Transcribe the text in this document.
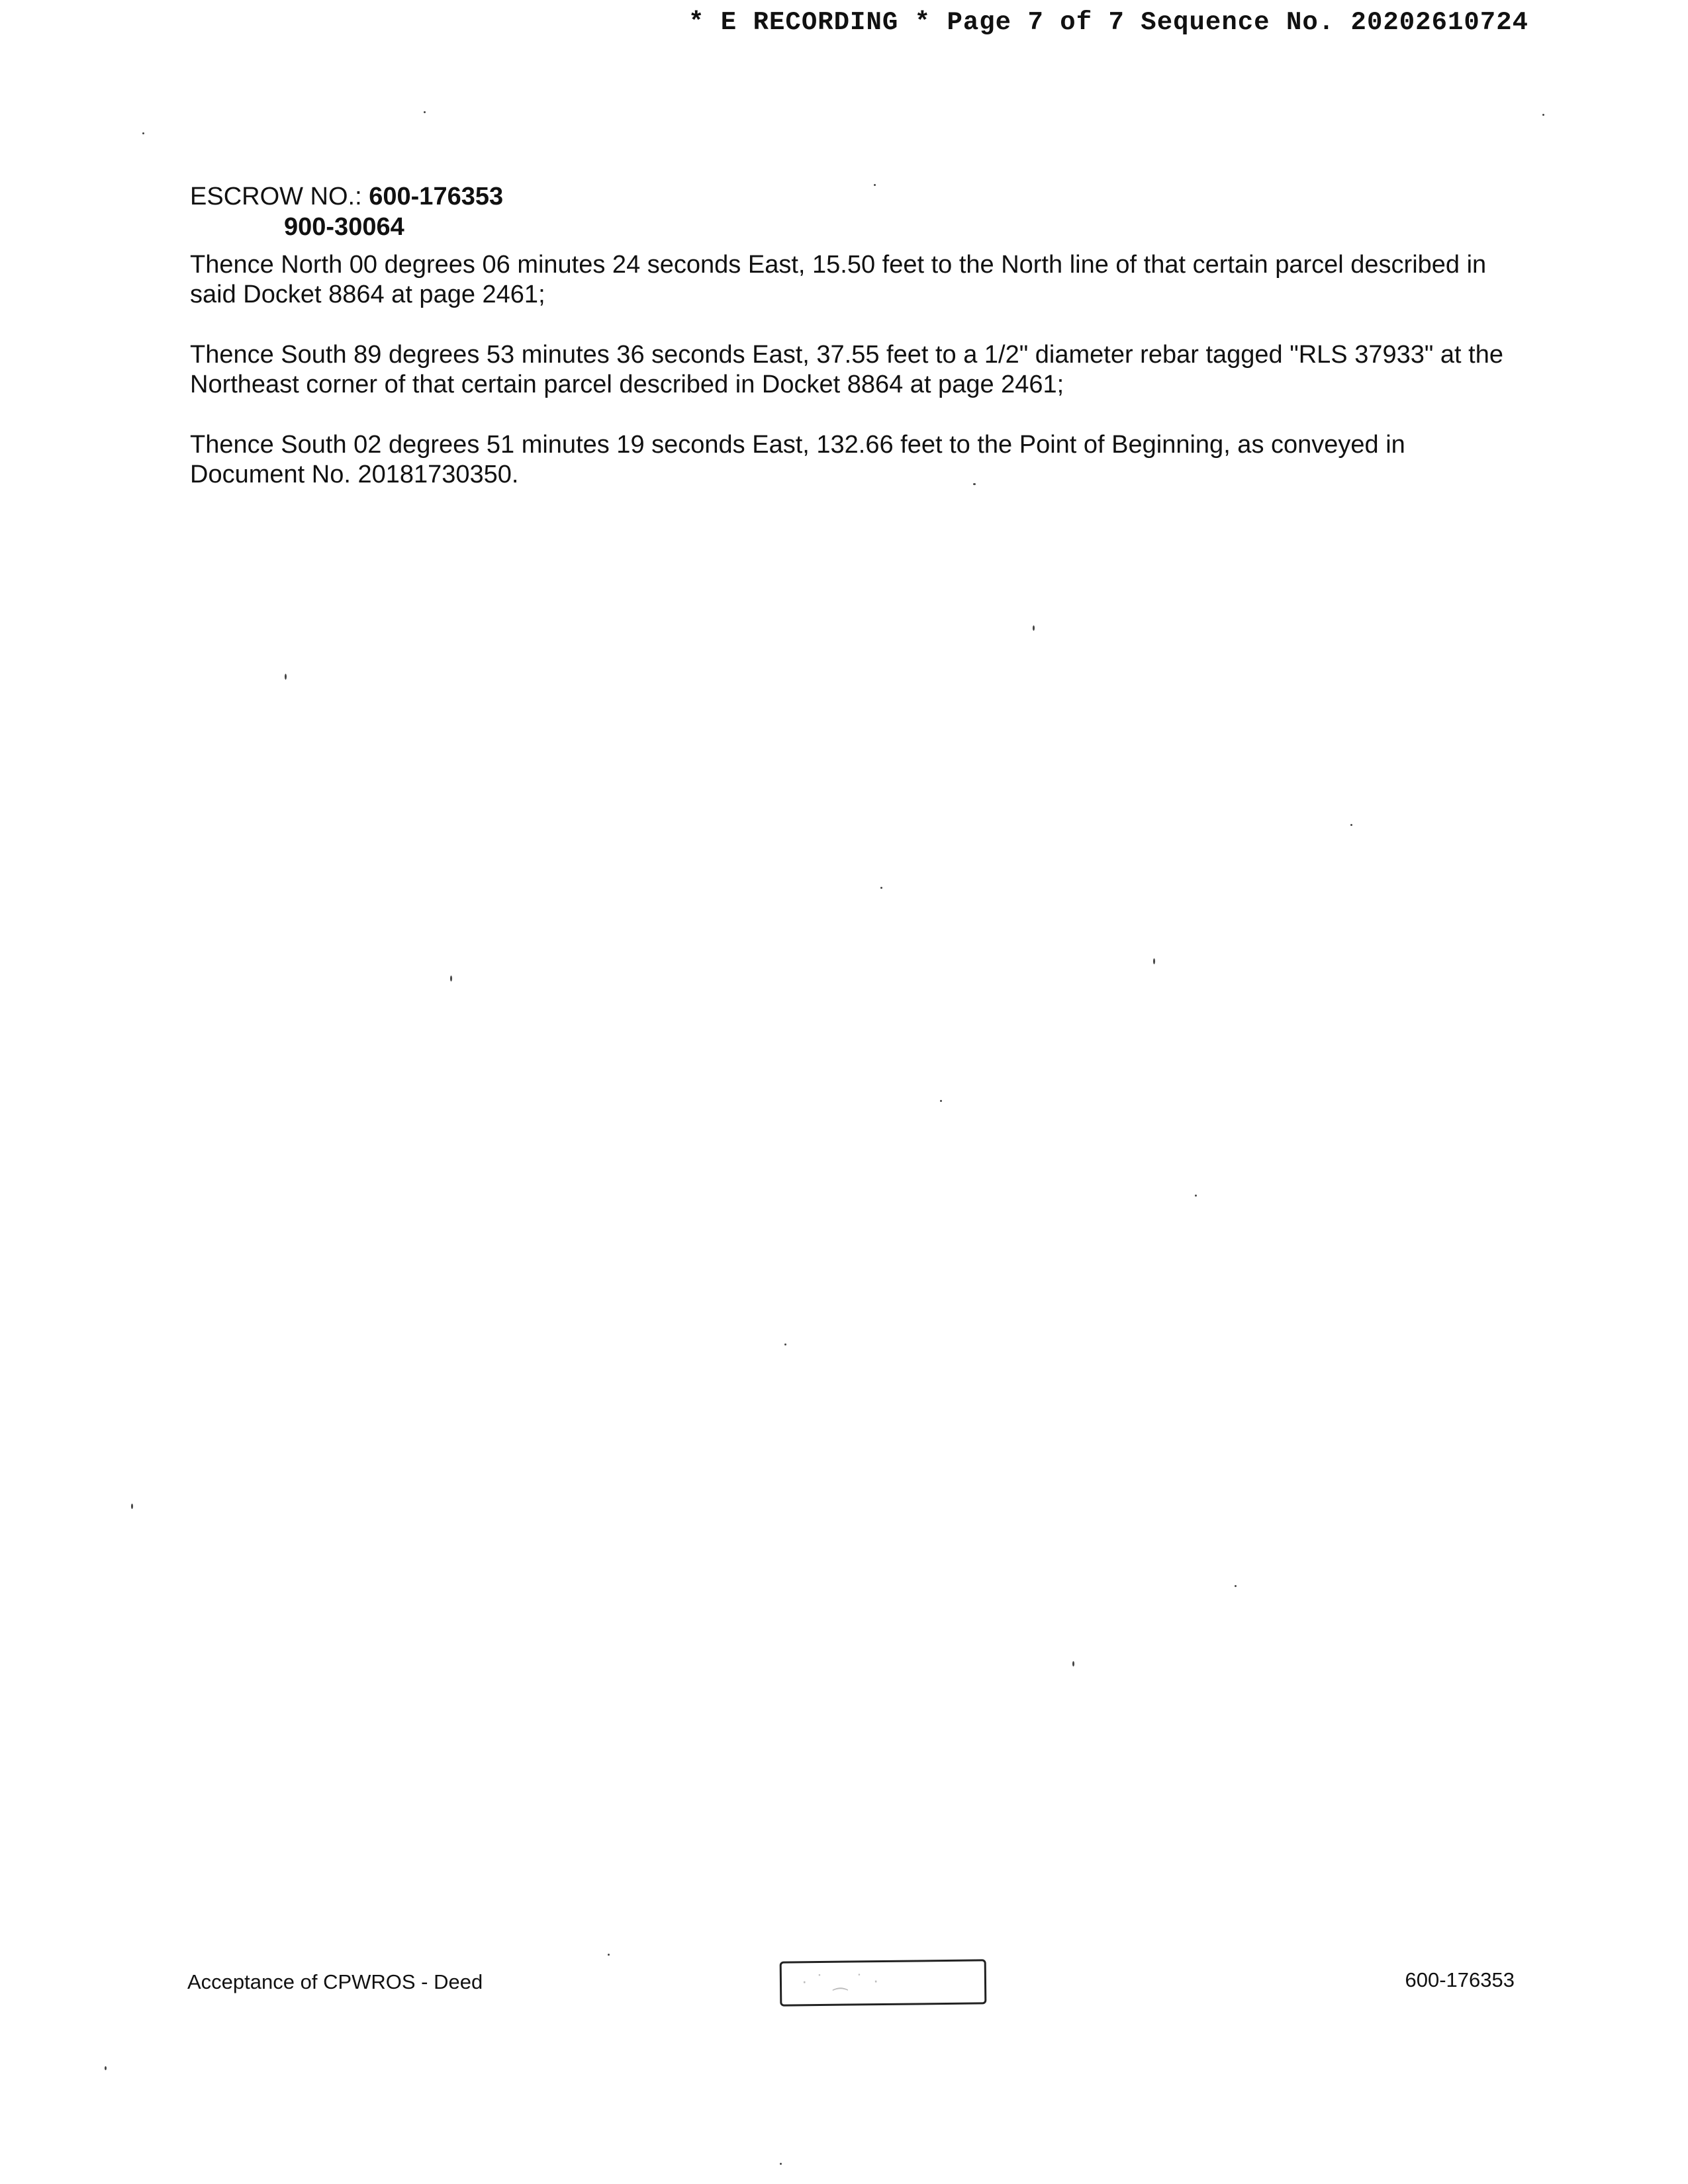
* E RECORDING * Page 7 of 7 Sequence No. 20202610724
ESCROW NO.: 600-176353
900-30064

Thence North 00 degrees 06 minutes 24 seconds East, 15.50 feet to the North line of that certain parcel described in said Docket 8864 at page 2461;

Thence South 89 degrees 53 minutes 36 seconds East, 37.55 feet to a 1/2" diameter rebar tagged "RLS 37933" at the Northeast corner of that certain parcel described in Docket 8864 at page 2461;

Thence South 02 degrees 51 minutes 19 seconds East, 132.66 feet to the Point of Beginning, as conveyed in Document No. 20181730350.

Acceptance of CPWROS - Deed	· ˙ ⁔ ˙ ·	600-176353
